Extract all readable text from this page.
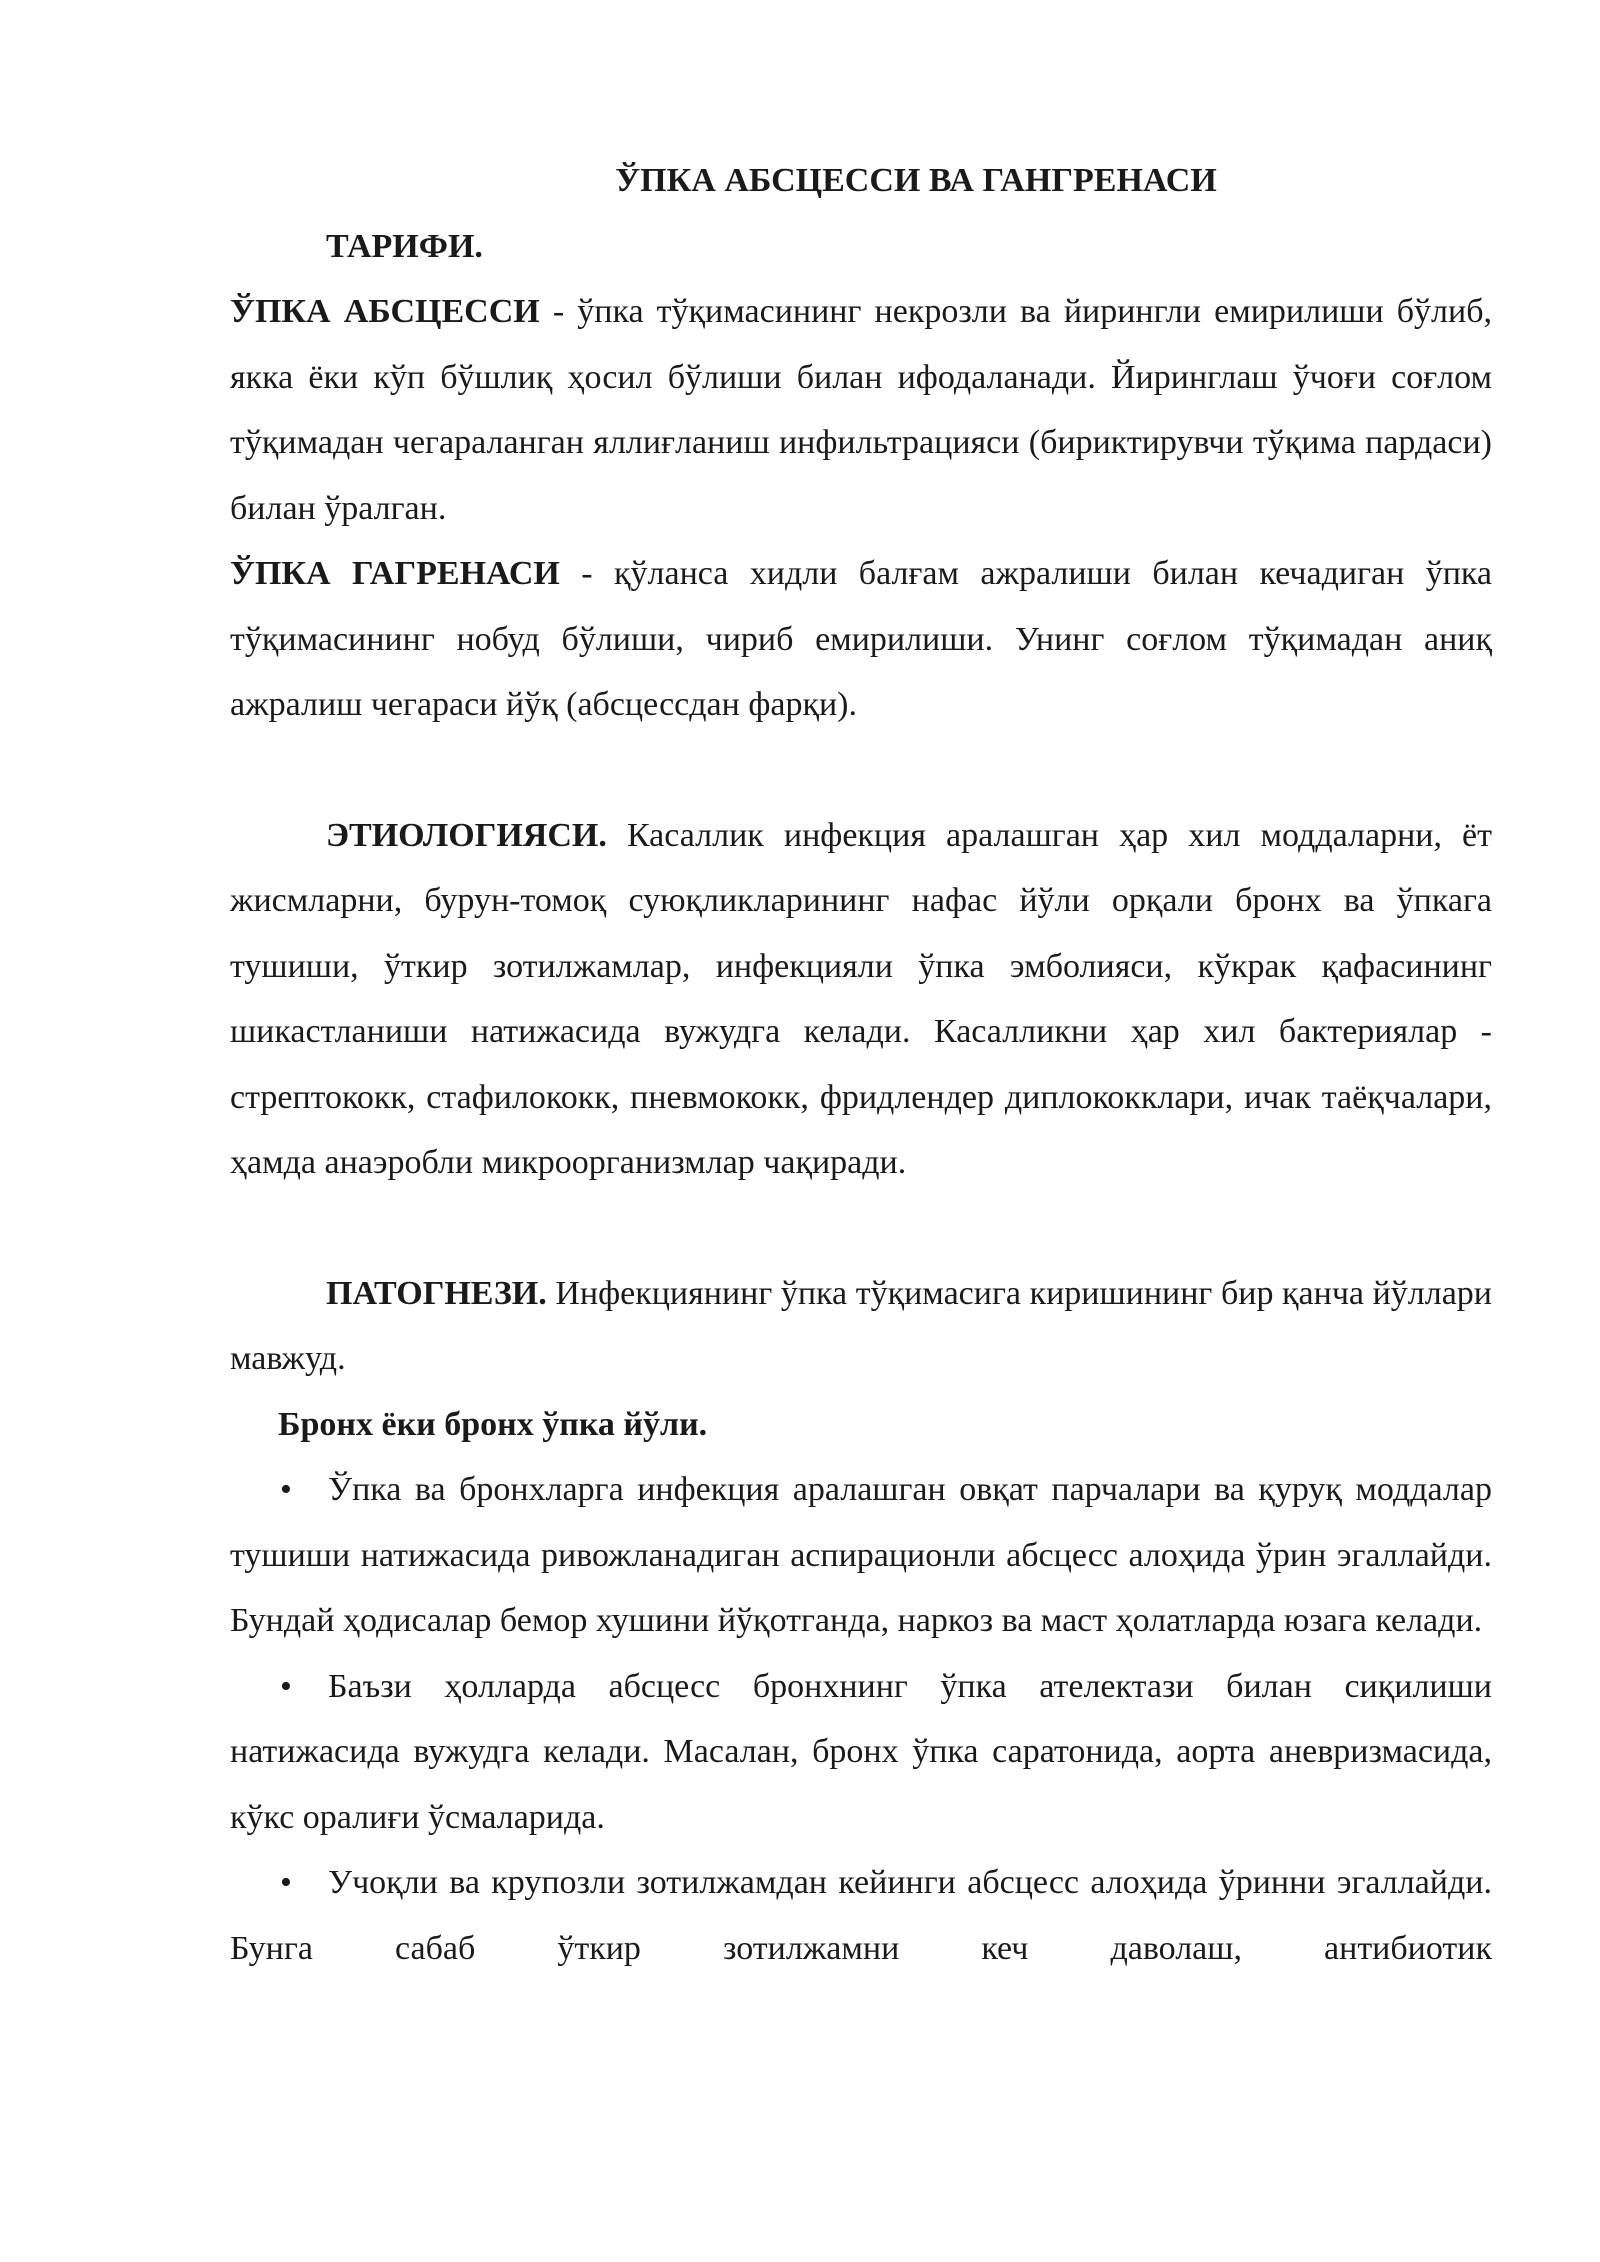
ЎПКА АБСЦЕССИ ВА ГАНГРЕНАСИ
ТАРИФИ.

ЎПКА АБСЦЕССИ - ўпка тўқимасининг некрозли ва йирингли емирилиши бўлиб, якка ёки кўп бўшлиқ ҳосил бўлиши билан ифодаланади. Йиринглаш ўчоғи соғлом тўқимадан чегараланган яллиғланиш инфильтрацияси (бириктирувчи тўқима пардаси) билан ўралган.

ЎПКА ГАГРЕНАСИ - қўланса хидли балғам ажралиши билан кечадиган ўпка тўқимасининг нобуд бўлиши, чириб емирилиши. Унинг соғлом тўқимадан аниқ ажралиш чегараси йўқ (абсцессдан фарқи).

ЭТИОЛОГИЯСИ. Касаллик инфекция аралашган ҳар хил моддаларни, ёт жисмларни, бурун-томоқ суюқликларининг нафас йўли орқали бронх ва ўпкага тушиши, ўткир зотилжамлар, инфекцияли ўпка эмболияси, кўкрак қафасининг шикастланиши натижасида вужудга келади. Касалликни ҳар хил бактериялар - стрептококк, стафилококк, пневмококк, фридлендер диплококклари, ичак таёқчалари, ҳамда анаэробли микроорганизмлар чақиради.

ПАТОГНЕЗИ. Инфекциянинг ўпка тўқимасига киришининг бир қанча йўллари мавжуд.

Бронх ёки бронх ўпка йўли.

• Ўпка ва бронхларга инфекция аралашган овқат парчалари ва қуруқ моддалар тушиши натижасида ривожланадиган аспирационли абсцесс алоҳида ўрин эгаллайди. Бундай ҳодисалар бемор хушини йўқотганда, наркоз ва маст ҳолатларда юзага келади.

• Баъзи ҳолларда абсцесс бронхнинг ўпка ателектази билан сиқилиши натижасида вужудга келади. Масалан, бронх ўпка саратонида, аорта аневризмасида, кўкс оралиғи ўсмаларида.

• Учоқли ва крупозли зотилжамдан кейинги абсцесс алоҳида ўринни эгаллайди. Бунга сабаб ўткир зотилжамни кеч даволаш, антибиотик
